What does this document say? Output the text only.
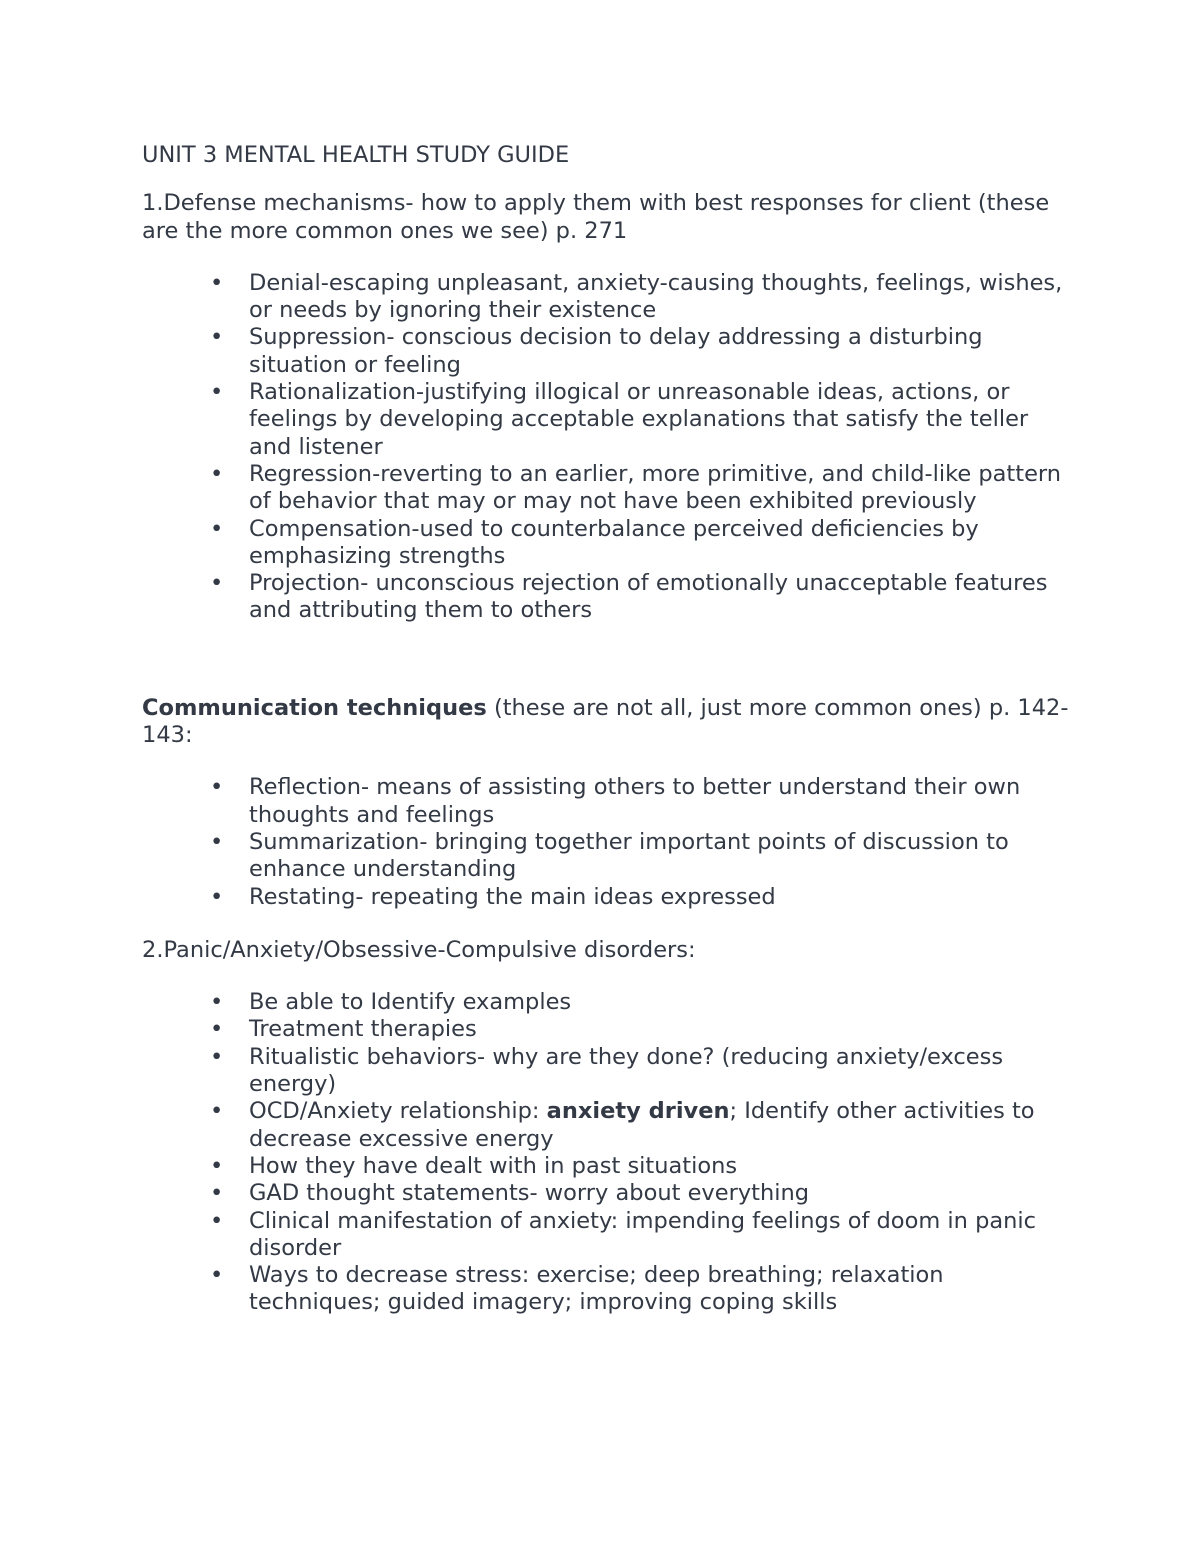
UNIT 3 MENTAL HEALTH STUDY GUIDE

1.Defense mechanisms- how to apply them with best responses for client (these are the more common ones we see) p. 271

• Denial-escaping unpleasant, anxiety-causing thoughts, feelings, wishes, or needs by ignoring their existence
• Suppression- conscious decision to delay addressing a disturbing situation or feeling
• Rationalization-justifying illogical or unreasonable ideas, actions, or feelings by developing acceptable explanations that satisfy the teller and listener
• Regression-reverting to an earlier, more primitive, and child-like pattern of behavior that may or may not have been exhibited previously
• Compensation-used to counterbalance perceived deficiencies by emphasizing strengths
• Projection- unconscious rejection of emotionally unacceptable features and attributing them to others

Communication techniques (these are not all, just more common ones) p. 142-143:

• Reflection- means of assisting others to better understand their own thoughts and feelings
• Summarization- bringing together important points of discussion to enhance understanding
• Restating- repeating the main ideas expressed

2.Panic/Anxiety/Obsessive-Compulsive disorders:

• Be able to Identify examples
• Treatment therapies
• Ritualistic behaviors- why are they done? (reducing anxiety/excess energy)
• OCD/Anxiety relationship: anxiety driven; Identify other activities to decrease excessive energy
• How they have dealt with in past situations
• GAD thought statements- worry about everything
• Clinical manifestation of anxiety: impending feelings of doom in panic disorder
• Ways to decrease stress: exercise; deep breathing; relaxation techniques; guided imagery; improving coping skills
